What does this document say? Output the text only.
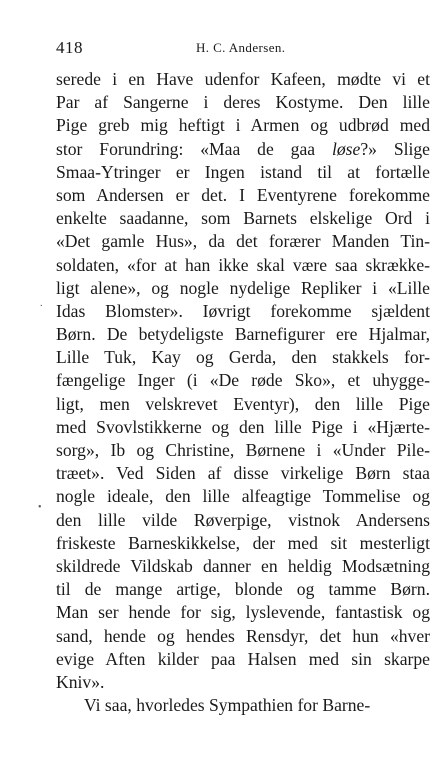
418	H. C. Andersen.
serede i en Have udenfor Kafeen, mødte vi et
Par af Sangerne i deres Kostyme. Den lille
Pige greb mig heftigt i Armen og udbrød med
stor Forundring: «Maa de gaa løse?» Slige
Smaa-Ytringer er Ingen istand til at fortælle
som Andersen er det. I Eventyrene forekomme
enkelte saadanne, som Barnets elskelige Ord i
«Det gamle Hus», da det forærer Manden Tin-
soldaten, «for at han ikke skal være saa skrække-
ligt alene», og nogle nydelige Repliker i «Lille
Idas Blomster». Iøvrigt forekomme sjældent
Børn. De betydeligste Barnefigurer ere Hjalmar,
Lille Tuk, Kay og Gerda, den stakkels for-
fængelige Inger (i «De røde Sko», et uhygge-
ligt, men velskrevet Eventyr), den lille Pige
med Svovlstikkerne og den lille Pige i «Hjærte-
sorg», Ib og Christine, Børnene i «Under Pile-
træet». Ved Siden af disse virkelige Børn staa
nogle ideale, den lille alfeagtige Tommelise og
den lille vilde Røverpige, vistnok Andersens
friskeste Barneskikkelse, der med sit mesterligt
skildrede Vildskab danner en heldig Modsætning
til de mange artige, blonde og tamme Børn.
Man ser hende for sig, lyslevende, fantastisk og
sand, hende og hendes Rensdyr, det hun «hver
evige Aften kilder paa Halsen med sin skarpe
Kniv».
Vi saa, hvorledes Sympathien for Barne-
.
•
